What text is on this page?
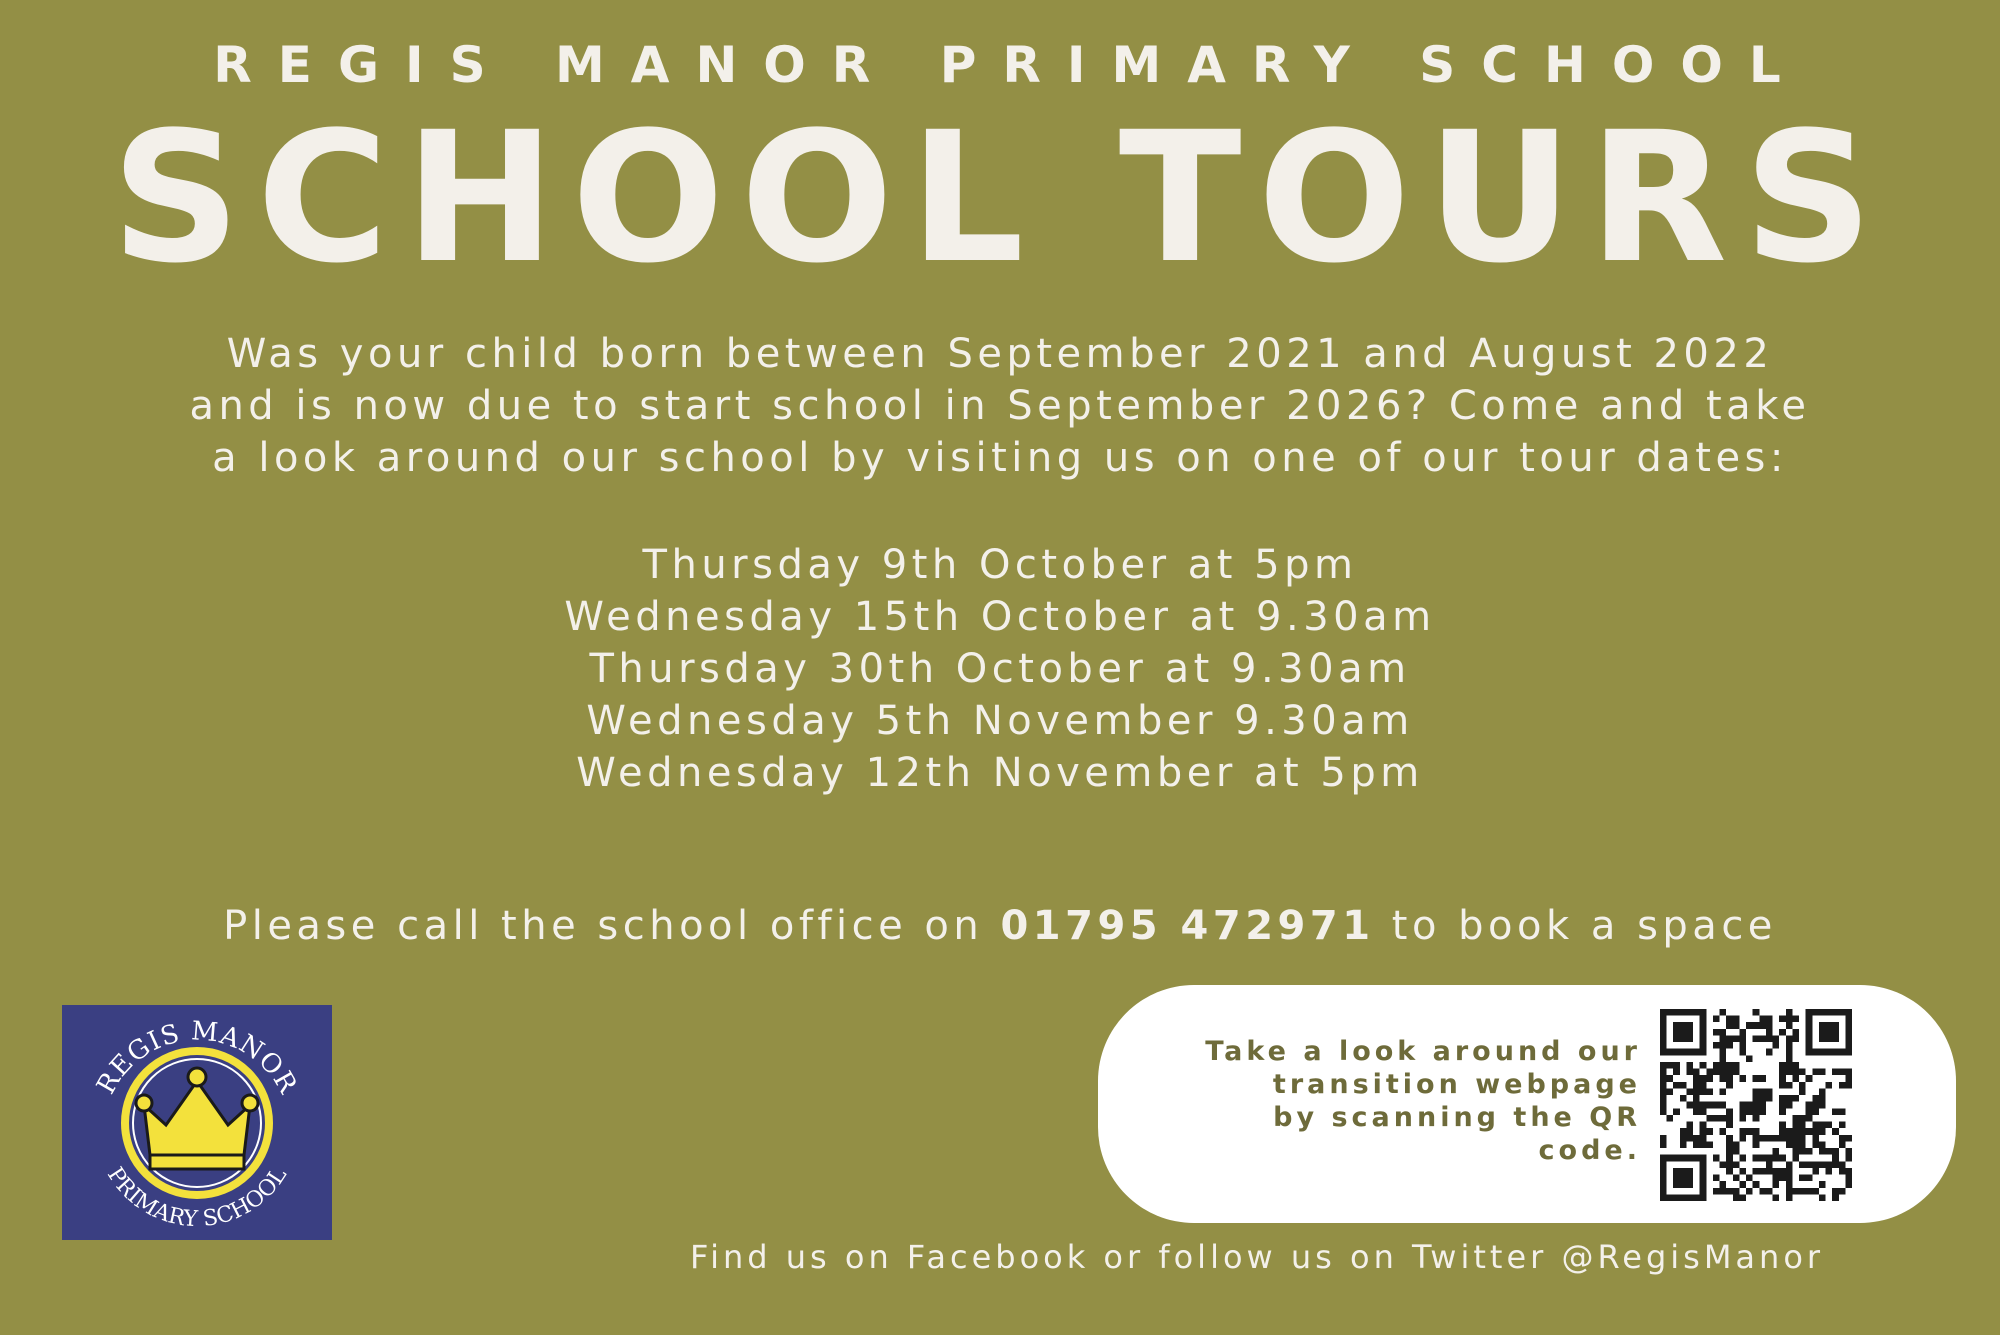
REGIS MANOR PRIMARY SCHOOL
SCHOOL TOURS
Was your child born between September 2021 and August 2022
and is now due to start school in September 2026? Come and take
a look around our school by visiting us on one of our tour dates:
Thursday 9th October at 5pm
Wednesday 15th October at 9.30am
Thursday 30th October at 9.30am
Wednesday 5th November 9.30am
Wednesday 12th November at 5pm
Please call the school office on 01795 472971 to book a space
REGIS MANOR
PRIMARY SCHOOL
Take a look around our
transition webpage
by scanning the QR
code.
Find us on Facebook or follow us on Twitter @RegisManor
